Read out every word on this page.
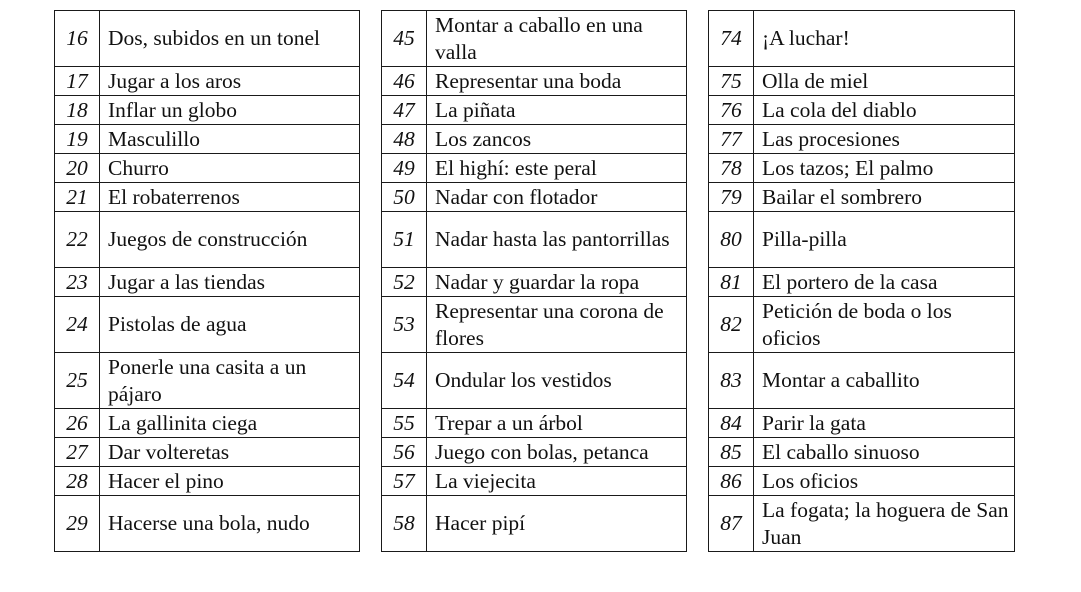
16	Dos, subidos en un tonel
17	Jugar a los aros
18	Inflar un globo
19	Masculillo
20	Churro
21	El robaterrenos
22	Juegos de construcción
23	Jugar a las tiendas
24	Pistolas de agua
25	Ponerle una casita a un pájaro
26	La gallinita ciega
27	Dar volteretas
28	Hacer el pino
29	Hacerse una bola, nudo
45	Montar a caballo en una valla
46	Representar una boda
47	La piñata
48	Los zancos
49	El highí: este peral
50	Nadar con flotador
51	Nadar hasta las pantorrillas
52	Nadar y guardar la ropa
53	Representar una corona de flores
54	Ondular los vestidos
55	Trepar a un árbol
56	Juego con bolas, petanca
57	La viejecita
58	Hacer pipí
74	¡A luchar!
75	Olla de miel
76	La cola del diablo
77	Las procesiones
78	Los tazos; El palmo
79	Bailar el sombrero
80	Pilla-pilla
81	El portero de la casa
82	Petición de boda o los oficios
83	Montar a caballito
84	Parir la gata
85	El caballo sinuoso
86	Los oficios
87	La fogata; la hoguera de San Juan
